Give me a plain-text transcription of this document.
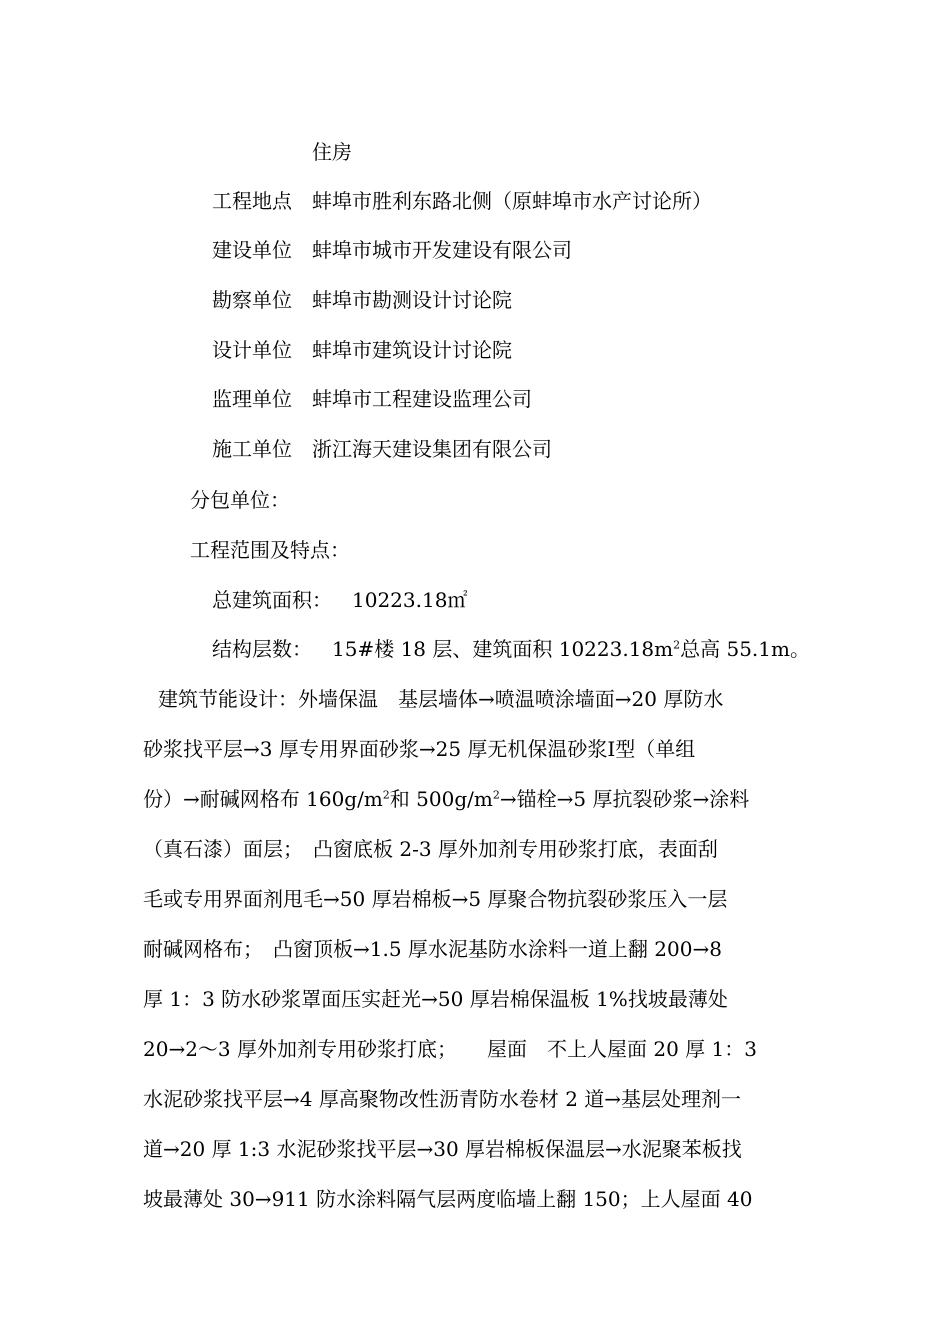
住房
工程地点 蚌埠市胜利东路北侧（原蚌埠市水产讨论所）
建设单位 蚌埠市城市开发建设有限公司
勘察单位 蚌埠市勘测设计讨论院
设计单位 蚌埠市建筑设计讨论院
监理单位 蚌埠市工程建设监理公司
施工单位 浙江海天建设集团有限公司
分包单位：
工程范围及特点：
总建筑面积： 10223.18㎡
结构层数： 15#楼 18 层、建筑面积 $10223.18m^2$总高 55.1m。
建筑节能设计：外墙保温　基层墙体→喷温喷涂墙面→20 厚防水
砂浆找平层→3 厚专用界面砂浆→25 厚无机保温砂浆Ⅰ型（单组
份）→耐碱网格布 $160g/m^2$和 $500g/m^2\to$锚栓→5 厚抗裂砂浆→涂料
（真石漆）面层；　凸窗底板 2-3 厚外加剂专用砂浆打底，表面刮
毛或专用界面剂甩毛→50 厚岩棉板→5 厚聚合物抗裂砂浆压入一层
耐碱网格布；　凸窗顶板→1.5 厚水泥基防水涂料一道上翻 200→8
厚 1：3 防水砂浆罩面压实赶光→50 厚岩棉保温板 1%找坡最薄处
20→2～3 厚外加剂专用砂浆打底；　　屋面　不上人屋面 20 厚 1：3
水泥砂浆找平层→4 厚高聚物改性沥青防水卷材 2 道→基层处理剂一
道→20 厚 1:3 水泥砂浆找平层→30 厚岩棉板保温层→水泥聚苯板找
坡最薄处 30→911 防水涂料隔气层两度临墙上翻 150；上人屋面 40
